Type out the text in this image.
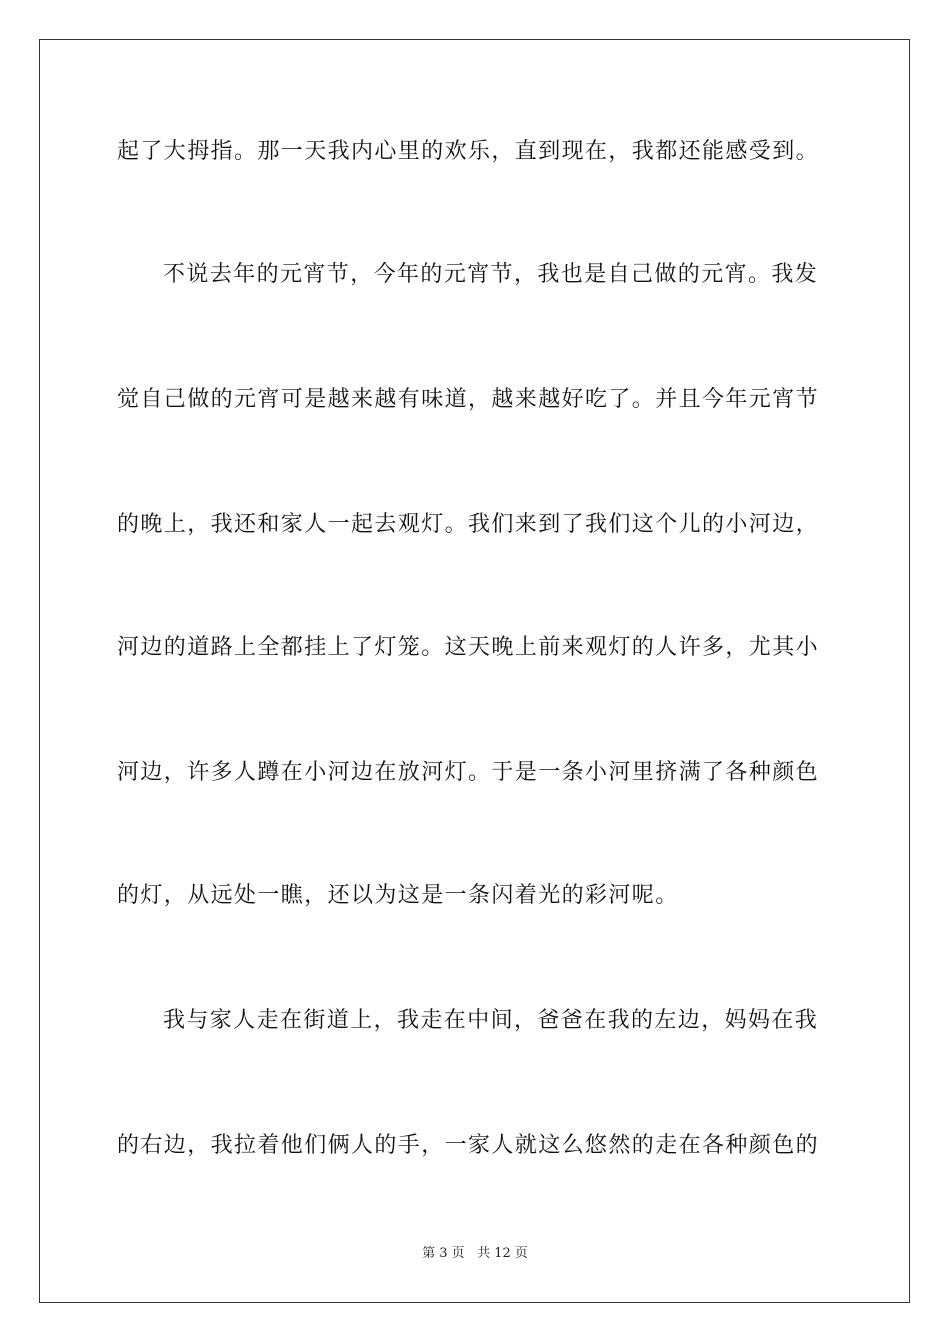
起了大拇指。那一天我内心里的欢乐，直到现在，我都还能感受到。
不说去年的元宵节，今年的元宵节，我也是自己做的元宵。我发
觉自己做的元宵可是越来越有味道，越来越好吃了。并且今年元宵节
的晚上，我还和家人一起去观灯。我们来到了我们这个儿的小河边，
河边的道路上全都挂上了灯笼。这天晚上前来观灯的人许多，尤其小
河边，许多人蹲在小河边在放河灯。于是一条小河里挤满了各种颜色
的灯，从远处一瞧，还以为这是一条闪着光的彩河呢。
我与家人走在街道上，我走在中间，爸爸在我的左边，妈妈在我
的右边，我拉着他们俩人的手，一家人就这么悠然的走在各种颜色的
第 3 页 共 12 页
